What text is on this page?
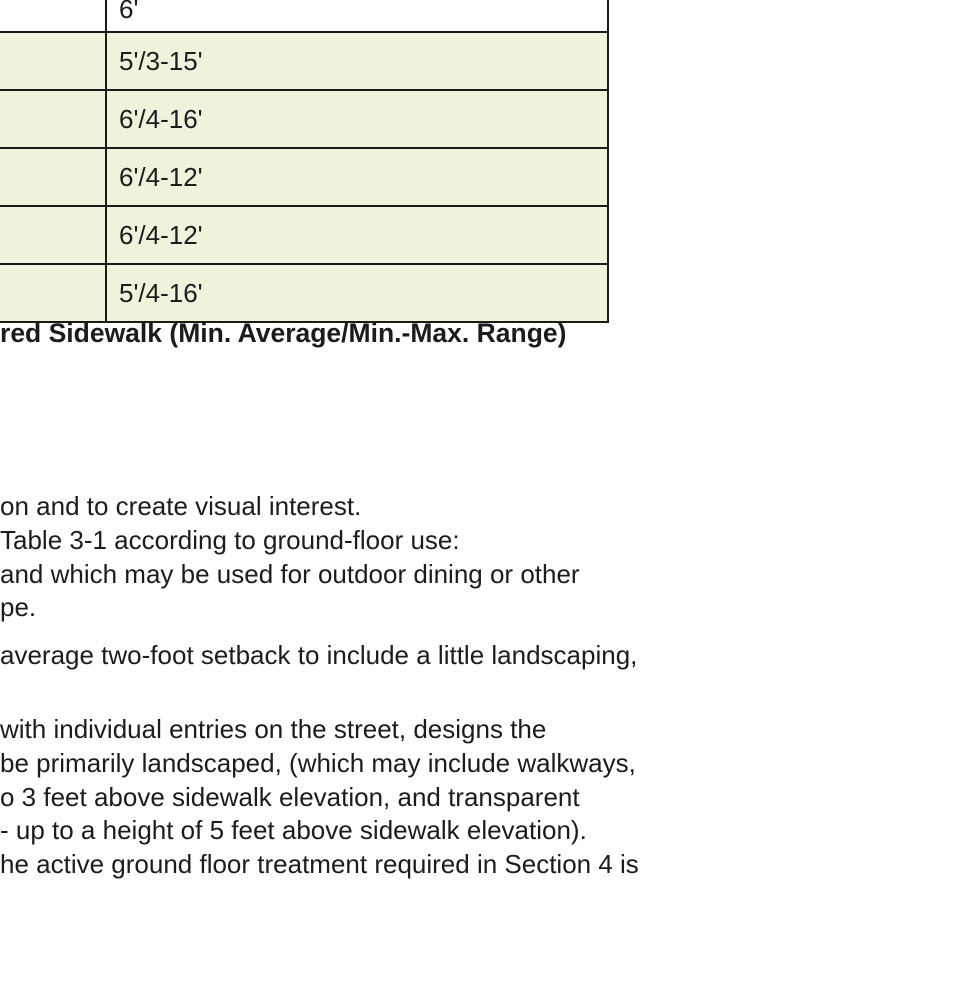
	6'
	5'/3-15'
	6'/4-16'
	6'/4-12'
	6'/4-12'
	5'/4-16'
red Sidewalk (Min. Average/Min.-Max. Range)
on and to create visual interest.
Table 3-1 according to ground-floor use:
and which may be used for outdoor dining or other
pe.
average two-foot setback to include a little landscaping,
with individual entries on the street, designs the
be primarily landscaped, (which may include walkways,
o 3 feet above sidewalk elevation, and transparent
- up to a height of 5 feet above sidewalk elevation).
he active ground floor treatment required in Section 4 is
